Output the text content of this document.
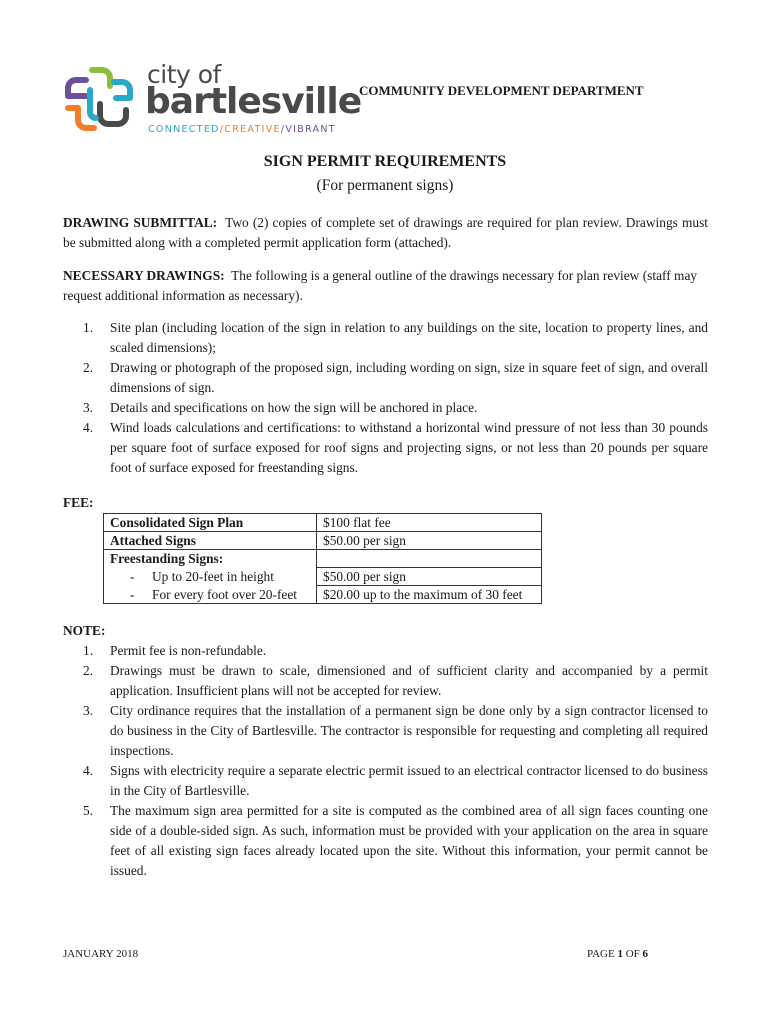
city of
bartlesville
CONNECTED/CREATIVE/VIBRANT
COMMUNITY DEVELOPMENT DEPARTMENT
SIGN PERMIT REQUIREMENTS
(For permanent signs)
DRAWING SUBMITTAL: Two (2) copies of complete set of drawings are required for plan review. Drawings must be submitted along with a completed permit application form (attached).
NECESSARY DRAWINGS: The following is a general outline of the drawings necessary for plan review (staff may request additional information as necessary).
1. Site plan (including location of the sign in relation to any buildings on the site, location to property lines, and scaled dimensions);
2. Drawing or photograph of the proposed sign, including wording on sign, size in square feet of sign, and overall dimensions of sign.
3. Details and specifications on how the sign will be anchored in place.
4. Wind loads calculations and certifications: to withstand a horizontal wind pressure of not less than 30 pounds per square foot of surface exposed for roof signs and projecting signs, or not less than 20 pounds per square foot of surface exposed for freestanding signs.
FEE:
Consolidated Sign Plan	$100 flat fee
Attached Signs	$50.00 per sign
Freestanding Signs:	

- Up to 20-feet in height	$50.00 per sign

- For every foot over 20-feet	$20.00 up to the maximum of 30 feet
NOTE:
1. Permit fee is non-refundable.
2. Drawings must be drawn to scale, dimensioned and of sufficient clarity and accompanied by a permit application. Insufficient plans will not be accepted for review.
3. City ordinance requires that the installation of a permanent sign be done only by a sign contractor licensed to do business in the City of Bartlesville. The contractor is responsible for requesting and completing all required inspections.
4. Signs with electricity require a separate electric permit issued to an electrical contractor licensed to do business in the City of Bartlesville.
5. The maximum sign area permitted for a site is computed as the combined area of all sign faces counting one side of a double-sided sign. As such, information must be provided with your application on the area in square feet of all existing sign faces already located upon the site. Without this information, your permit cannot be issued.
JANUARY 2018	PAGE 1 OF 6
